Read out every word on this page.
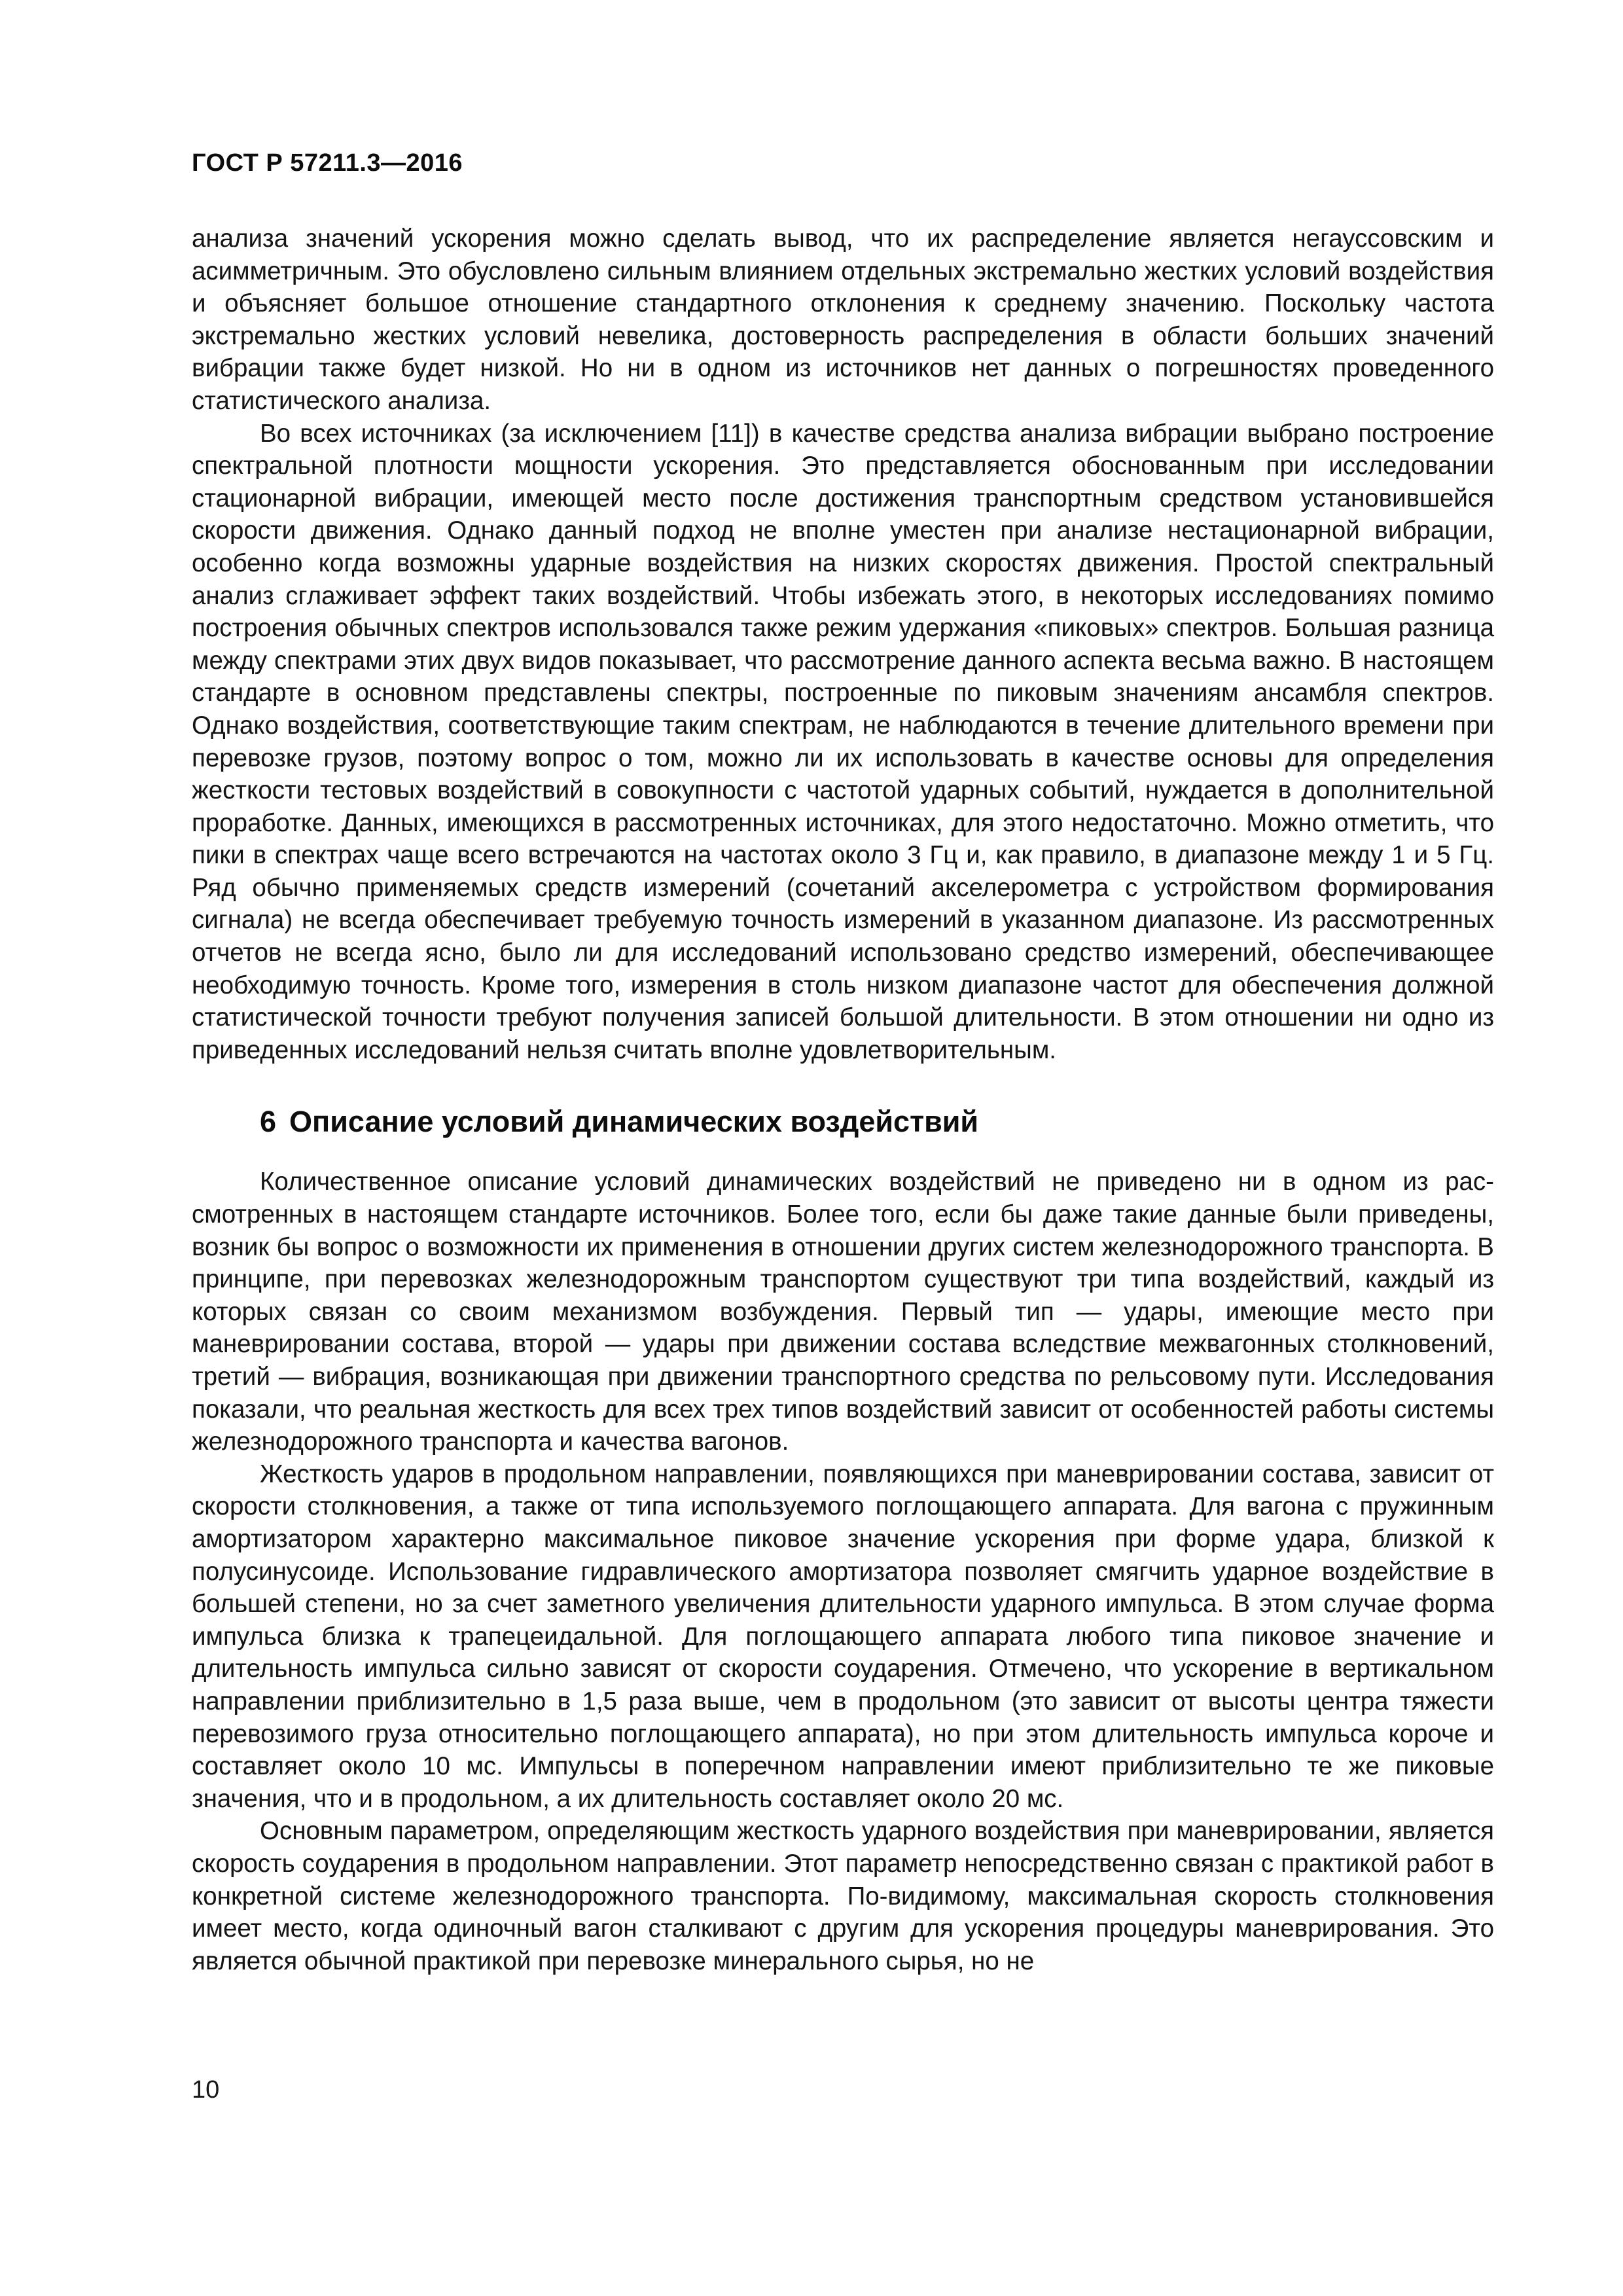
ГОСТ Р 57211.3—2016

анализа значений ускорения можно сделать вывод, что их распределение является негауссовским и асимметричным. Это обусловлено сильным влиянием отдельных экстремально жестких условий воздействия и объясняет большое отношение стандартного отклонения к среднему значению. Поскольку частота экстремально жестких условий невелика, достоверность распределения в области больших значений вибрации также будет низкой. Но ни в одном из источников нет данных о погрешностях проведенного статистического анализа.

Во всех источниках (за исключением [11]) в качестве средства анализа вибрации выбрано построение спектральной плотности мощности ускорения. Это представляется обоснованным при исследовании стационарной вибрации, имеющей место после достижения транспортным средством установившейся скорости движения. Однако данный подход не вполне уместен при анализе нестационарной вибрации, особенно когда возможны ударные воздействия на низких скоростях движения. Простой спектральный анализ сглаживает эффект таких воздействий. Чтобы избежать этого, в некоторых исследованиях помимо построения обычных спектров использовался также режим удержания «пиковых» спектров. Большая разница между спектрами этих двух видов показывает, что рассмотрение данного аспекта весьма важно. В настоящем стандарте в основном представлены спектры, построенные по пиковым значениям ансамбля спектров. Однако воздействия, соответствующие таким спектрам, не наблюдаются в течение длительного времени при перевозке грузов, поэтому вопрос о том, можно ли их использовать в качестве основы для определения жесткости тестовых воздействий в совокупности с частотой ударных событий, нуждается в дополнительной проработке. Данных, имеющихся в рассмотренных источниках, для этого недостаточно. Можно отметить, что пики в спектрах чаще всего встречаются на частотах около 3 Гц и, как правило, в диапазоне между 1 и 5 Гц. Ряд обычно применяемых средств измерений (сочетаний акселерометра с устройством формирования сигнала) не всегда обеспечивает требуемую точность измерений в указанном диапазоне. Из рассмотренных отчетов не всегда ясно, было ли для исследований использовано средство измерений, обеспечивающее необходимую точность. Кроме того, измерения в столь низком диапазоне частот для обеспечения должной статистической точности требуют получения записей большой длительности. В этом отношении ни одно из приведенных исследований нельзя считать вполне удовлетворительным.

6 Описание условий динамических воздействий

Количественное описание условий динамических воздействий не приведено ни в одном из рассмотренных в настоящем стандарте источников. Более того, если бы даже такие данные были приведены, возник бы вопрос о возможности их применения в отношении других систем железнодорожного транспорта. В принципе, при перевозках железнодорожным транспортом существуют три типа воздействий, каждый из которых связан со своим механизмом возбуждения. Первый тип — удары, имеющие место при маневрировании состава, второй — удары при движении состава вследствие межвагонных столкновений, третий — вибрация, возникающая при движении транспортного средства по рельсовому пути. Исследования показали, что реальная жесткость для всех трех типов воздействий зависит от особенностей работы системы железнодорожного транспорта и качества вагонов.

Жесткость ударов в продольном направлении, появляющихся при маневрировании состава, зависит от скорости столкновения, а также от типа используемого поглощающего аппарата. Для вагона с пружинным амортизатором характерно максимальное пиковое значение ускорения при форме удара, близкой к полусинусоиде. Использование гидравлического амортизатора позволяет смягчить ударное воздействие в большей степени, но за счет заметного увеличения длительности ударного импульса. В этом случае форма импульса близка к трапецеидальной. Для поглощающего аппарата любого типа пиковое значение и длительность импульса сильно зависят от скорости соударения. Отмечено, что ускорение в вертикальном направлении приблизительно в 1,5 раза выше, чем в продольном (это зависит от высоты центра тяжести перевозимого груза относительно поглощающего аппарата), но при этом длительность импульса короче и составляет около 10 мс. Импульсы в поперечном направлении имеют приблизительно те же пиковые значения, что и в продольном, а их длительность составляет около 20 мс.

Основным параметром, определяющим жесткость ударного воздействия при маневрировании, является скорость соударения в продольном направлении. Этот параметр непосредственно связан с практикой работ в конкретной системе железнодорожного транспорта. По-видимому, максимальная скорость столкновения имеет место, когда одиночный вагон сталкивают с другим для ускорения процедуры маневрирования. Это является обычной практикой при перевозке минерального сырья, но не

10
